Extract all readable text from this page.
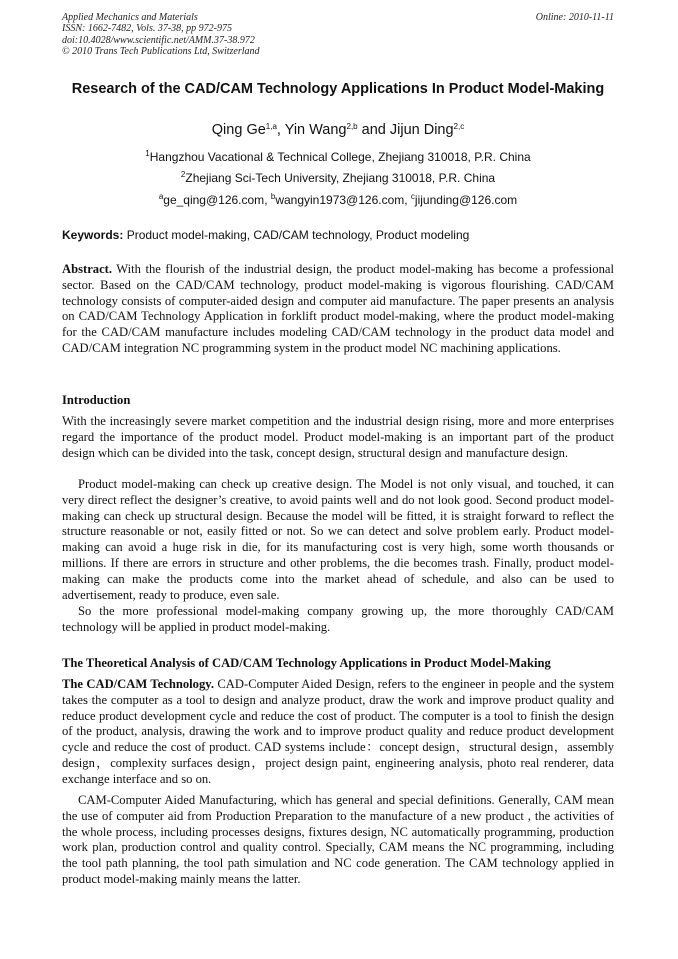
Applied Mechanics and Materials
ISSN: 1662-7482, Vols. 37-38, pp 972-975
doi:10.4028/www.scientific.net/AMM.37-38.972
© 2010 Trans Tech Publications Ltd, Switzerland
Online: 2010-11-11
Research of the CAD/CAM Technology Applications In Product Model-Making
Qing Ge$^{1,a}$, Yin Wang$^{2,b}$ and Jijun Ding$^{2,c}$
$^1$Hangzhou Vacational & Technical College, Zhejiang 310018, P.R. China
$^2$Zhejiang Sci-Tech University, Zhejiang 310018, P.R. China
$^a$ge_qing@126.com, $^b$wangyin1973@126.com, $^c$jijunding@126.com
Keywords: Product model-making, CAD/CAM technology, Product modeling
Abstract. With the flourish of the industrial design, the product model-making has become a professional sector. Based on the CAD/CAM technology, product model-making is vigorous flourishing. CAD/CAM technology consists of computer-aided design and computer aid manufacture. The paper presents an analysis on CAD/CAM Technology Application in forklift product model-making, where the product model-making for the CAD/CAM manufacture includes modeling CAD/CAM technology in the product data model and CAD/CAM integration NC programming system in the product model NC machining applications.
Introduction
With the increasingly severe market competition and the industrial design rising, more and more enterprises regard the importance of the product model. Product model-making is an important part of the product design which can be divided into the task, concept design, structural design and manufacture design.
Product model-making can check up creative design. The Model is not only visual, and touched, it can very direct reflect the designer’s creative, to avoid paints well and do not look good. Second product model-making can check up structural design. Because the model will be fitted, it is straight forward to reflect the structure reasonable or not, easily fitted or not. So we can detect and solve problem early. Product model-making can avoid a huge risk in die, for its manufacturing cost is very high, some worth thousands or millions. If there are errors in structure and other problems, the die becomes trash. Finally, product model-making can make the products come into the market ahead of schedule, and also can be used to advertisement, ready to produce, even sale.
So the more professional model-making company growing up, the more thoroughly CAD/CAM technology will be applied in product model-making.
The Theoretical Analysis of CAD/CAM Technology Applications in Product Model-Making
The CAD/CAM Technology. CAD-Computer Aided Design, refers to the engineer in people and the system takes the computer as a tool to design and analyze product, draw the work and improve product quality and reduce product development cycle and reduce the cost of product. The computer is a tool to finish the design of the product, analysis, drawing the work and to improve product quality and reduce product development cycle and reduce the cost of product. CAD systems include：concept design，structural design，assembly design，complexity surfaces design，project design paint, engineering analysis, photo real renderer, data exchange interface and so on.
CAM-Computer Aided Manufacturing, which has general and special definitions. Generally, CAM mean the use of computer aid from Production Preparation to the manufacture of a new product , the activities of the whole process, including processes designs, fixtures design, NC automatically programming, production work plan, production control and quality control. Specially, CAM means the NC programming, including the tool path planning, the tool path simulation and NC code generation. The CAM technology applied in product model-making mainly means the latter.
